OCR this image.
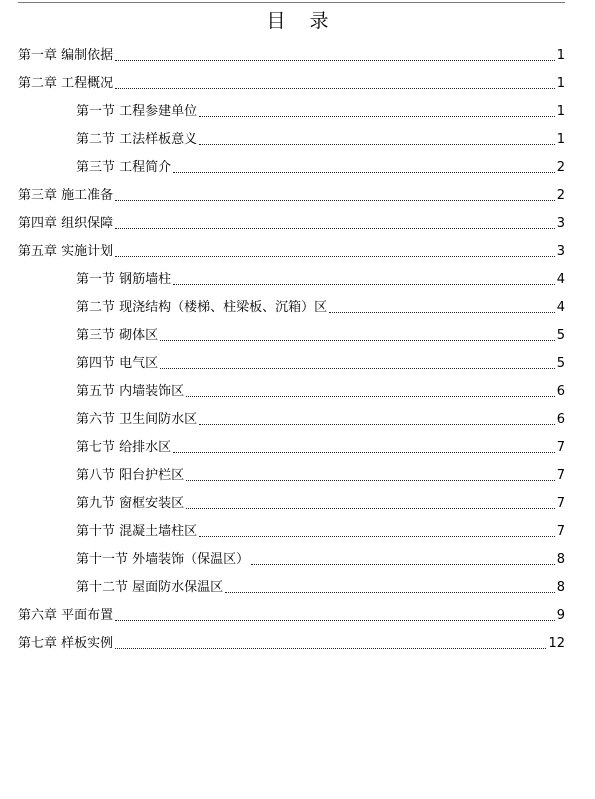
目 录
第一章 编制依据	1
第二章 工程概况	1
第一节 工程参建单位	1
第二节 工法样板意义	1
第三节 工程简介	2
第三章 施工准备	2
第四章 组织保障	3
第五章 实施计划	3
第一节 钢筋墙柱	4
第二节 现浇结构（楼梯、柱梁板、沉箱）区	4
第三节 砌体区	5
第四节 电气区	5
第五节 内墙装饰区	6
第六节 卫生间防水区	6
第七节 给排水区	7
第八节 阳台护栏区	7
第九节 窗框安装区	7
第十节 混凝土墙柱区	7
第十一节 外墙装饰（保温区）	8
第十二节 屋面防水保温区	8
第六章 平面布置	9
第七章 样板实例	12
